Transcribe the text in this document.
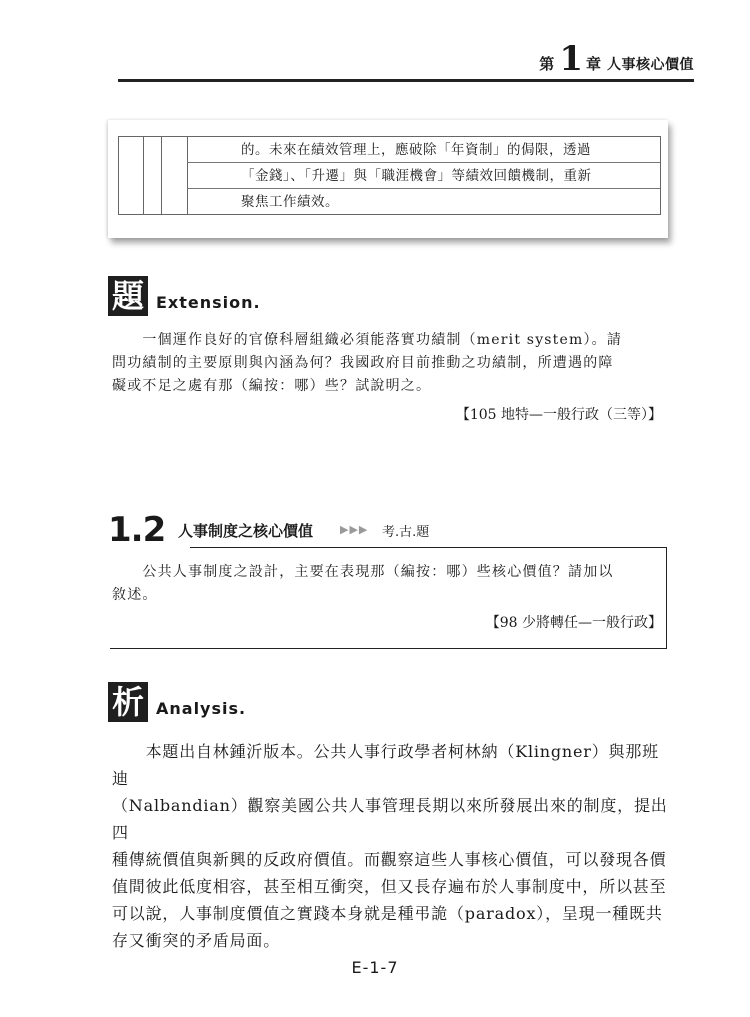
第 1 章 人事核心價值
的。未來在績效管理上，應破除「年資制」的侷限，透過
「金錢」、「升遷」與「職涯機會」等績效回饋機制，重新
聚焦工作績效。
題 Extension.
　　一個運作良好的官僚科層組織必須能落實功績制（merit system）。請
問功績制的主要原則與內涵為何？我國政府目前推動之功績制，所遭遇的障
礙或不足之處有那（編按：哪）些？試說明之。
【105 地特—一般行政（三等）】
1.2 人事制度之核心價值 ▶▶▶ 考.古.題
　　公共人事制度之設計，主要在表現那（編按：哪）些核心價值？請加以
敘述。
【98 少將轉任—一般行政】
析 Analysis.
　　本題出自林鍾沂版本。公共人事行政學者柯林納（Klingner）與那班迪
（Nalbandian）觀察美國公共人事管理長期以來所發展出來的制度，提出四
種傳統價值與新興的反政府價值。而觀察這些人事核心價值，可以發現各價
值間彼此低度相容，甚至相互衝突，但又長存遍布於人事制度中，所以甚至
可以說，人事制度價值之實踐本身就是種弔詭（paradox），呈現一種既共
存又衝突的矛盾局面。
E-1-7
